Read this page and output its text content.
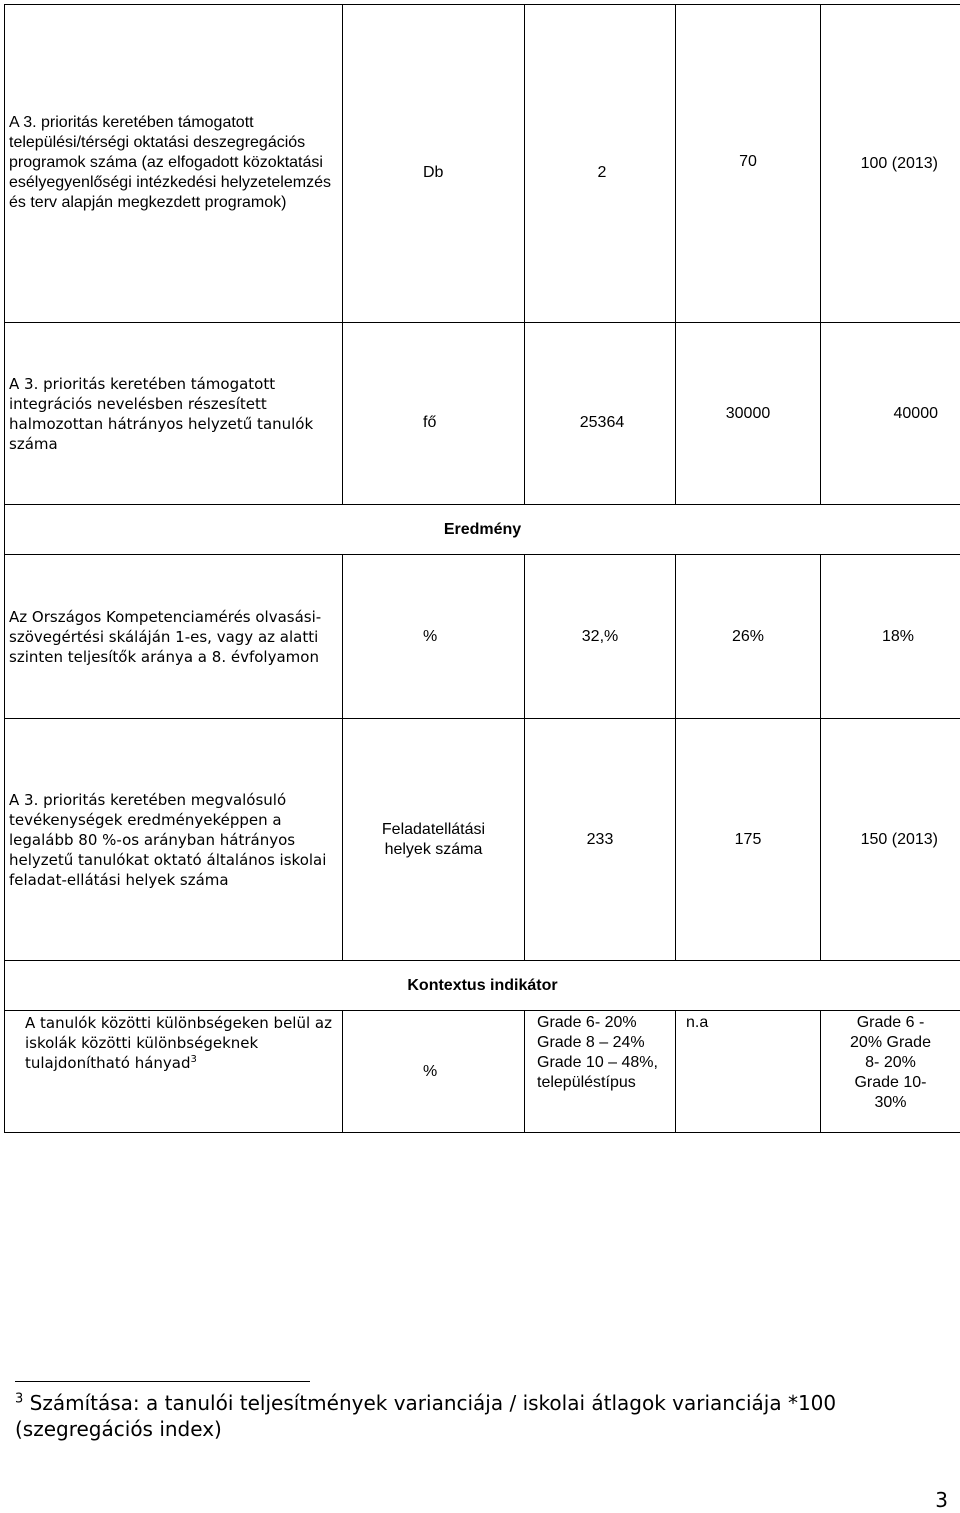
A 3. prioritás keretében támogatott települési/térségi oktatási deszegregációs programok száma (az elfogadott közoktatási esélyegyenlőségi intézkedési helyzetelemzés és terv alapján megkezdett programok)	Db	2	70	100 (2013)
A 3. prioritás keretében támogatott integrációs nevelésben részesített halmozottan hátrányos helyzetű tanulók száma	fő	25364	30000	40000
Eredmény				
Az Országos Kompetenciamérés olvasási-szövegértési skáláján 1-es, vagy az alatti szinten teljesítők aránya a 8. évfolyamon	%	32,%	26%	18%
A 3. prioritás keretében megvalósuló tevékenységek eredményeképpen a legalább 80 %-os arányban hátrányos helyzetű tanulókat oktató általános iskolai feladat-ellátási helyek száma	Feladatellátási helyek száma	233	175	150 (2013)
Kontextus indikátor				
A tanulók közötti különbségeken belül az iskolák közötti különbségeknek tulajdonítható hányad$^3$	%	Grade 6- 20% Grade 8 – 24% Grade 10 – 48%, településtípus	n.a	Grade 6 - 20% Grade 8- 20% Grade 10- 30%
$^3$ Számítása: a tanulói teljesítmények varianciája / iskolai átlagok varianciája *100 (szegregációs index)
3
